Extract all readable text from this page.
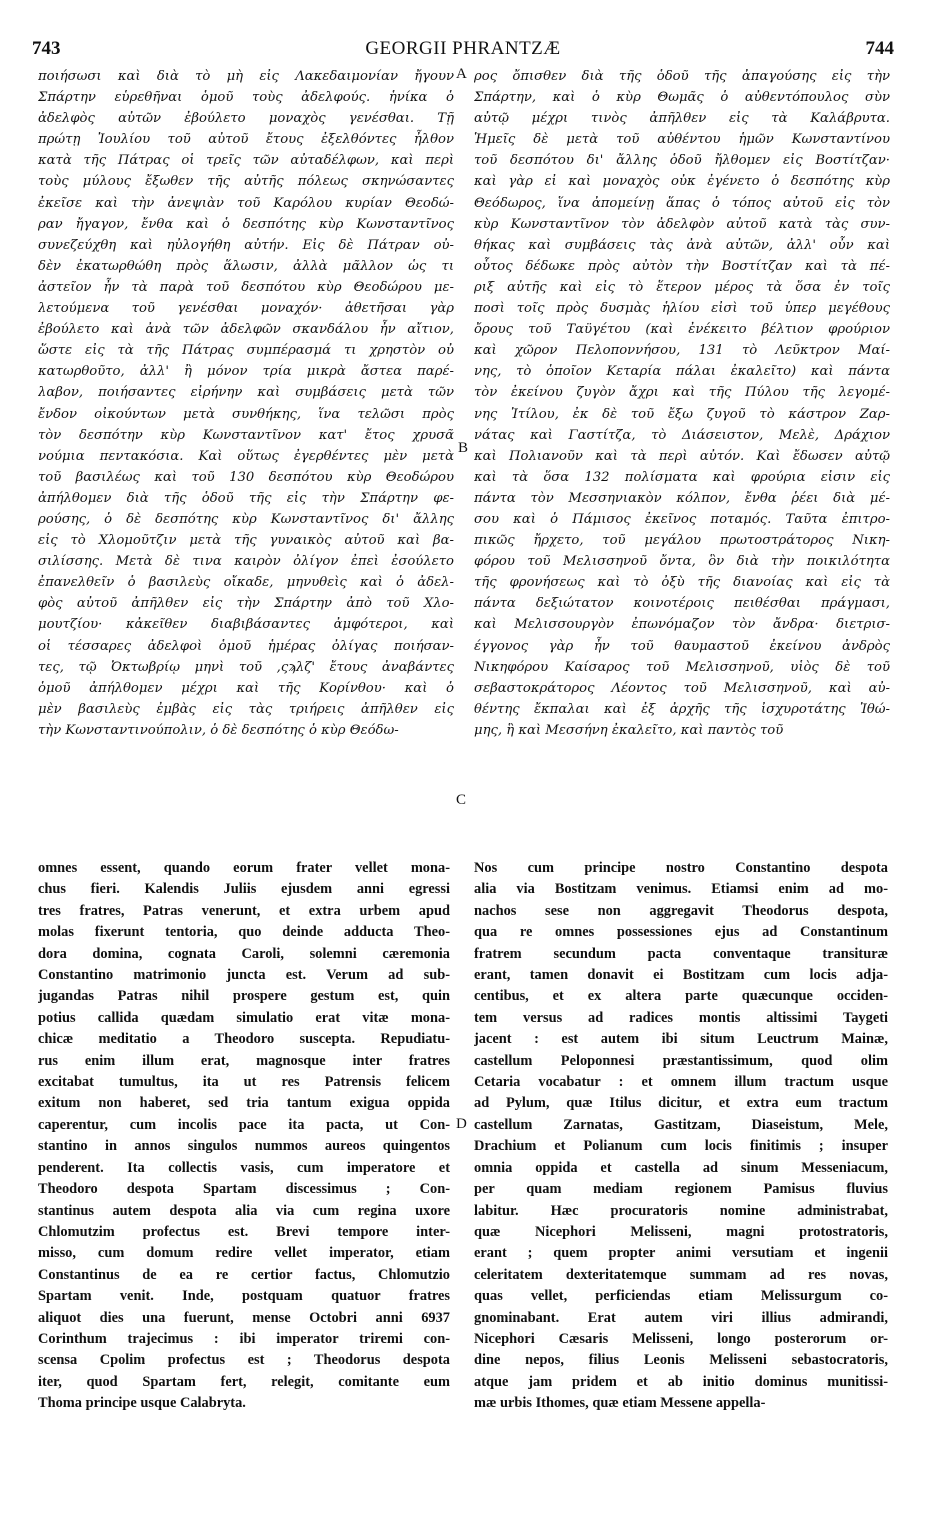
743	GEORGII PHRANTZÆ	744
ποιήσωσι καὶ διὰ τὸ μὴ εἰς Λακεδαιμονίαν ἤγουν
Σπάρτην εὑρεθῆναι ὁμοῦ τοὺς ἀδελφούς. ἡνίκα ὁ
ἀδελφὸς αὐτῶν ἐβούλετο μοναχὸς γενέσθαι. Τῇ
πρώτῃ Ἰουλίου τοῦ αὐτοῦ ἔτους ἐξελθόντες ἦλθον
κατὰ τῆς Πάτρας οἱ τρεῖς τῶν αὐταδέλφων, καὶ περὶ
τοὺς μύλους ἔξωθεν τῆς αὐτῆς πόλεως σκηνώσαντες
ἐκεῖσε καὶ τὴν ἀνεψιὰν τοῦ Καρόλου κυρίαν Θεοδώ-
ραν ἤγαγον, ἔνθα καὶ ὁ δεσπότης κὺρ Κωνσταντῖνος
συνεζεύχθη καὶ ηὐλογήθη αὐτήν. Εἰς δὲ Πάτραν οὐ-
δὲν ἐκατωρθώθη πρὸς ἅλωσιν, ἀλλὰ μᾶλλον ὡς τι
ἀστεῖον ἦν τὰ παρὰ τοῦ δεσπότου κὺρ Θεοδώρου με-
λετούμενα τοῦ γενέσθαι μοναχόν· ἀθετῆσαι γὰρ
ἐβούλετο καὶ ἀνὰ τῶν ἀδελφῶν σκανδάλου ἦν αἴτιον,
ὥστε εἰς τὰ τῆς Πάτρας συμπέρασμά τι χρηστὸν οὐ
κατωρθοῦτο, ἀλλ' ἢ μόνον τρία μικρὰ ἄστεα παρέ-
λαβον, ποιήσαντες εἰρήνην καὶ συμβάσεις μετὰ τῶν
ἔνδον οἰκούντων μετὰ συνθήκης, ἵνα τελῶσι πρὸς
τὸν δεσπότην κὺρ Κωνσταντῖνον κατ' ἔτος χρυσᾶ
νούμια πεντακόσια. Καὶ οὕτως ἐγερθέντες μὲν μετὰ
τοῦ βασιλέως καὶ τοῦ 130 δεσπότου κὺρ Θεοδώρου
ἀπήλθομεν διὰ τῆς ὁδοῦ τῆς εἰς τὴν Σπάρτην φε-
ρούσης, ὁ δὲ δεσπότης κὺρ Κωνσταντῖνος δι' ἄλλης
εἰς τὸ Χλομοῦτζιν μετὰ τῆς γυναικὸς αὐτοῦ καὶ βα-
σιλίσσης. Μετὰ δὲ τινα καιρὸν ὀλίγον ἐπεὶ ἐσούλετο
ἐπανελθεῖν ὁ βασιλεὺς οἴκαδε, μηνυθεὶς καὶ ὁ ἀδελ-
φὸς αὐτοῦ ἀπῆλθεν εἰς τὴν Σπάρτην ἀπὸ τοῦ Χλο-
μουτζίου· κἀκεῖθεν διαβιβάσαντες ἀμφότεροι, καὶ
οἱ τέσσαρες ἀδελφοὶ ὁμοῦ ἡμέρας ὀλίγας ποιήσαν-
τες, τῷ Ὀκτωβρίῳ μηνὶ τοῦ ,ςϡλζ' ἔτους ἀναβάντες
ὁμοῦ ἀπήλθομεν μέχρι καὶ τῆς Κορίνθου· καὶ ὁ
μὲν βασιλεὺς ἐμβὰς εἰς τὰς τριήρεις ἀπῆλθεν εἰς
τὴν Κωνσταντινούπολιν, ὁ δὲ δεσπότης ὁ κὺρ Θεόδω-
ρος ὄπισθεν διὰ τῆς ὁδοῦ τῆς ἀπαγούσης εἰς τὴν
Σπάρτην, καὶ ὁ κὺρ Θωμᾶς ὁ αὐθεντόπουλος σὺν
αὐτῷ μέχρι τινὸς ἀπῆλθεν εἰς τὰ Καλάβρυτα.
Ἡμεῖς δὲ μετὰ τοῦ αὐθέντου ἡμῶν Κωνσταντίνου
τοῦ δεσπότου δι' ἄλλης ὁδοῦ ἤλθομεν εἰς Βοστίτζαν·
καὶ γὰρ εἰ καὶ μοναχὸς οὐκ ἐγένετο ὁ δεσπότης κὺρ
Θεόδωρος, ἵνα ἀπομείνῃ ἅπας ὁ τόπος αὐτοῦ εἰς τὸν
κὺρ Κωνσταντῖνον τὸν ἀδελφὸν αὐτοῦ κατὰ τὰς συν-
θήκας καὶ συμβάσεις τὰς ἀνὰ αὐτῶν, ἀλλ' οὖν καὶ
οὗτος δέδωκε πρὸς αὐτὸν τὴν Βοστίτζαν καὶ τὰ πέ-
ριξ αὐτῆς καὶ εἰς τὸ ἕτερον μέρος τὰ ὅσα ἐν τοῖς
ποσὶ τοῖς πρὸς δυσμὰς ἡλίου εἰσὶ τοῦ ὑπερ μεγέθους
ὄρους τοῦ Ταϋγέτου (καὶ ἐνέκειτο βέλτιον φρούριον
καὶ χῶρον Πελοποννήσου, 131 τὸ Λεῦκτρον Μαί-
νης, τὸ ὁποῖον Κεταρία πάλαι ἐκαλεῖτο) καὶ πάντα
τὸν ἐκείνου ζυγὸν ἄχρι καὶ τῆς Πύλου τῆς λεγομέ-
νης Ἰτίλου, ἐκ δὲ τοῦ ἔξω ζυγοῦ τὸ κάστρον Ζαρ-
νάτας καὶ Γαστίτζα, τὸ Διάσειστον, Μελὲ, Δράχιον
καὶ Πολιανοῦν καὶ τὰ περὶ αὐτόν. Καὶ ἔδωσεν αὐτῷ
καὶ τὰ ὅσα 132 πολίσματα καὶ φρούρια εἰσιν εἰς
πάντα τὸν Μεσσηνιακὸν κόλπον, ἔνθα ῥέει διὰ μέ-
σου καὶ ὁ Πάμισος ἐκεῖνος ποταμός. Ταῦτα ἐπιτρο-
πικῶς ἤρχετο, τοῦ μεγάλου πρωτοστράτορος Νικη-
φόρου τοῦ Μελισσηνοῦ ὄντα, ὃν διὰ τὴν ποικιλότητα
τῆς φρονήσεως καὶ τὸ ὀξὺ τῆς διανοίας καὶ εἰς τὰ
πάντα δεξιώτατον κοινοτέροις πειθέσθαι πράγμασι,
καὶ Μελισσουργὸν ἐπωνόμαζον τὸν ἄνδρα· διετρισ-
έγγονος γὰρ ἦν τοῦ θαυμαστοῦ ἐκείνου ἀνδρὸς
Νικηφόρου Καίσαρος τοῦ Μελισσηνοῦ, υἱὸς δὲ τοῦ
σεβαστοκράτορος Λέοντος τοῦ Μελισσηνοῦ, καὶ αὐ-
θέντης ἔκπαλαι καὶ ἐξ ἀρχῆς τῆς ἰσχυροτάτης Ἰθώ-
μης, ἣ καὶ Μεσσήνη ἐκαλεῖτο, καὶ παντὸς τοῦ
omnes essent, quando eorum frater vellet mona-
chus fieri. Kalendis Juliis ejusdem anni egressi
tres fratres, Patras venerunt, et extra urbem apud
molas fixerunt tentoria, quo deinde adducta Theo-
dora domina, cognata Caroli, solemni cæremonia
Constantino matrimonio juncta est. Verum ad sub-
jugandas Patras nihil prospere gestum est, quin
potius callida quædam simulatio erat vitæ mona-
chicæ meditatio a Theodoro suscepta. Repudiatu-
rus enim illum erat, magnosque inter fratres
excitabat tumultus, ita ut res Patrensis felicem
exitum non haberet, sed tria tantum exigua oppida
caperentur, cum incolis pace ita pacta, ut Con-
stantino in annos singulos nummos aureos quingentos
penderent. Ita collectis vasis, cum imperatore et
Theodoro despota Spartam discessimus ; Con-
stantinus autem despota alia via cum regina uxore
Chlomutzim profectus est. Brevi tempore inter-
misso, cum domum redire vellet imperator, etiam
Constantinus de ea re certior factus, Chlomutzio
Spartam venit. Inde, postquam quatuor fratres
aliquot dies una fuerunt, mense Octobri anni 6937
Corinthum trajecimus : ibi imperator triremi con-
scensa Cpolim profectus est ; Theodorus despota
iter, quod Spartam fert, relegit, comitante eum
Thoma principe usque Calabryta.
Nos cum principe nostro Constantino despota
alia via Bostitzam venimus. Etiamsi enim ad mo-
nachos sese non aggregavit Theodorus despota,
qua re omnes possessiones ejus ad Constantinum
fratrem secundum pacta conventaque transituræ
erant, tamen donavit ei Bostitzam cum locis adja-
centibus, et ex altera parte quæcunque occiden-
tem versus ad radices montis altissimi Taygeti
jacent : est autem ibi situm Leuctrum Mainæ,
castellum Peloponnesi præstantissimum, quod olim
Cetaria vocabatur : et omnem illum tractum usque
ad Pylum, quæ Itilus dicitur, et extra eum tractum
castellum Zarnatas, Gastitzam, Diaseistum, Mele,
Drachium et Polianum cum locis finitimis ; insuper
omnia oppida et castella ad sinum Messeniacum,
per quam mediam regionem Pamisus fluvius
labitur. Hæc procuratoris nomine administrabat,
quæ Nicephori Melisseni, magni protostratoris,
erant ; quem propter animi versutiam et ingenii
celeritatem dexteritatemque summam ad res novas,
quas vellet, perficiendas etiam Melissurgum co-
gnominabant. Erat autem viri illius admirandi,
Nicephori Cæsaris Melisseni, longo posterorum or-
dine nepos, filius Leonis Melisseni sebastocratoris,
atque jam pridem et ab initio dominus munitissi-
mæ urbis Ithomes, quæ etiam Messene appella-
A
B
C
D
